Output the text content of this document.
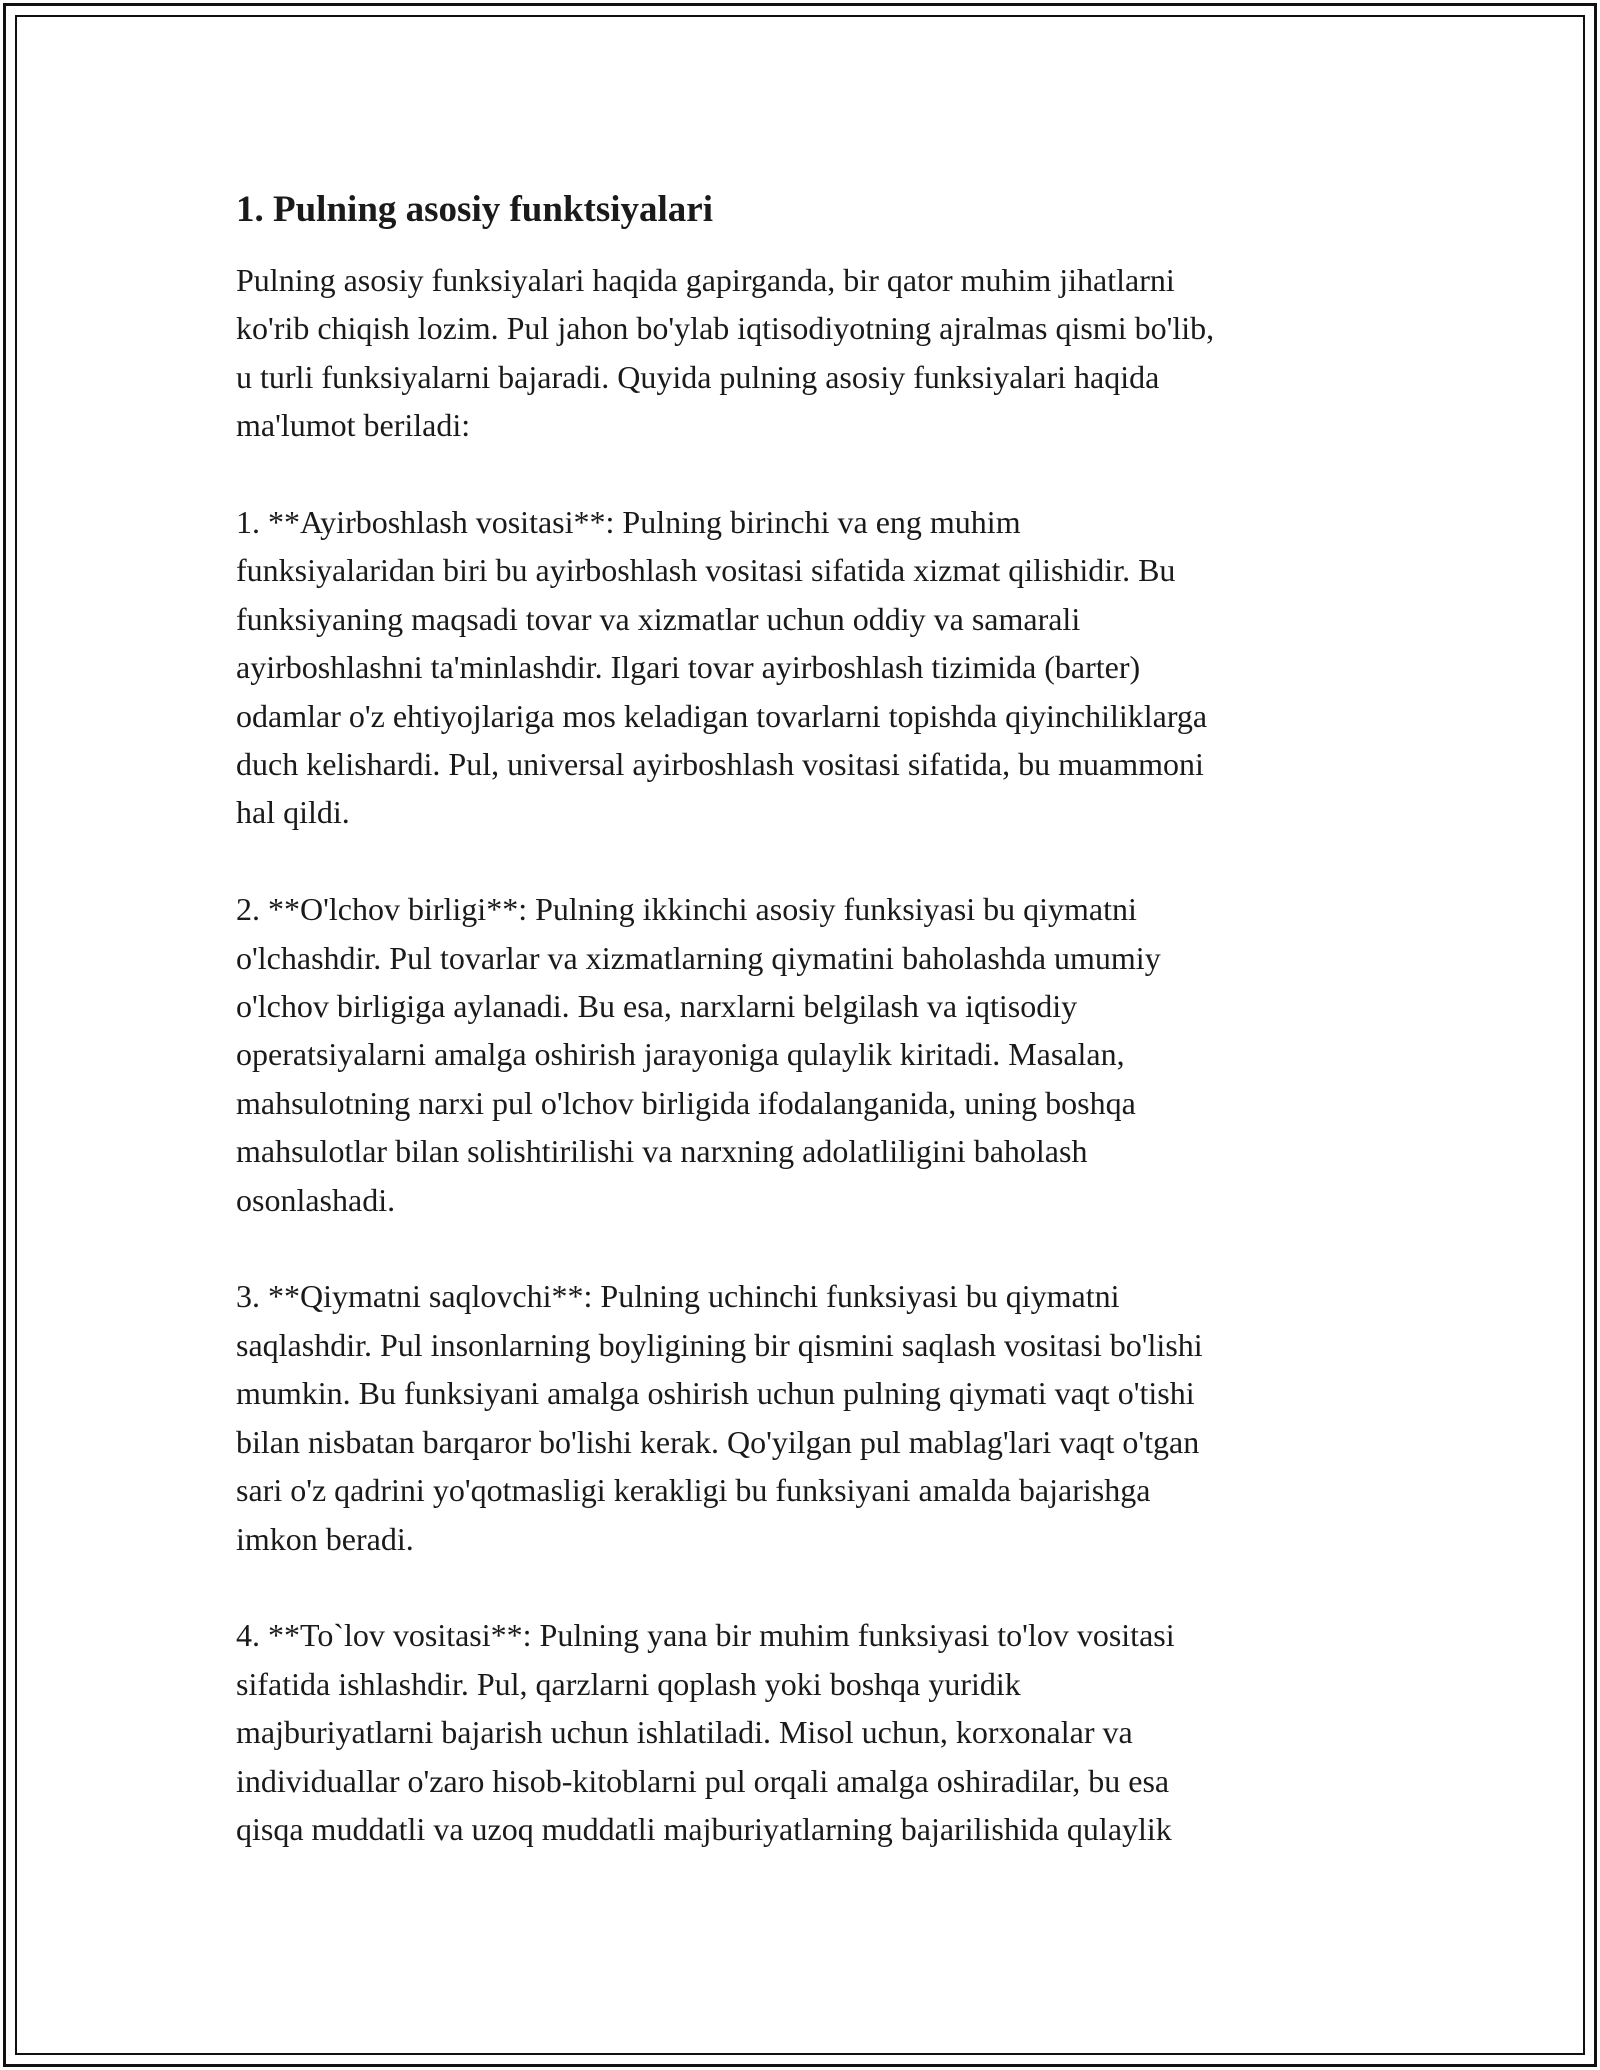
1. Pulning asosiy funktsiyalari

Pulning asosiy funksiyalari haqida gapirganda, bir qator muhim jihatlarni
ko'rib chiqish lozim. Pul jahon bo'ylab iqtisodiyotning ajralmas qismi bo'lib,
u turli funksiyalarni bajaradi. Quyida pulning asosiy funksiyalari haqida
ma'lumot beriladi:

1. **Ayirboshlash vositasi**: Pulning birinchi va eng muhim
funksiyalaridan biri bu ayirboshlash vositasi sifatida xizmat qilishidir. Bu
funksiyaning maqsadi tovar va xizmatlar uchun oddiy va samarali
ayirboshlashni ta'minlashdir. Ilgari tovar ayirboshlash tizimida (barter)
odamlar o'z ehtiyojlariga mos keladigan tovarlarni topishda qiyinchiliklarga
duch kelishardi. Pul, universal ayirboshlash vositasi sifatida, bu muammoni
hal qildi.

2. **O'lchov birligi**: Pulning ikkinchi asosiy funksiyasi bu qiymatni
o'lchashdir. Pul tovarlar va xizmatlarning qiymatini baholashda umumiy
o'lchov birligiga aylanadi. Bu esa, narxlarni belgilash va iqtisodiy
operatsiyalarni amalga oshirish jarayoniga qulaylik kiritadi. Masalan,
mahsulotning narxi pul o'lchov birligida ifodalanganida, uning boshqa
mahsulotlar bilan solishtirilishi va narxning adolatliligini baholash
osonlashadi.

3. **Qiymatni saqlovchi**: Pulning uchinchi funksiyasi bu qiymatni
saqlashdir. Pul insonlarning boyligining bir qismini saqlash vositasi bo'lishi
mumkin. Bu funksiyani amalga oshirish uchun pulning qiymati vaqt o'tishi
bilan nisbatan barqaror bo'lishi kerak. Qo'yilgan pul mablag'lari vaqt o'tgan
sari o'z qadrini yo'qotmasligi kerakligi bu funksiyani amalda bajarishga
imkon beradi.

4. **To`lov vositasi**: Pulning yana bir muhim funksiyasi to'lov vositasi
sifatida ishlashdir. Pul, qarzlarni qoplash yoki boshqa yuridik
majburiyatlarni bajarish uchun ishlatiladi. Misol uchun, korxonalar va
individuallar o'zaro hisob-kitoblarni pul orqali amalga oshiradilar, bu esa
qisqa muddatli va uzoq muddatli majburiyatlarning bajarilishida qulaylik
